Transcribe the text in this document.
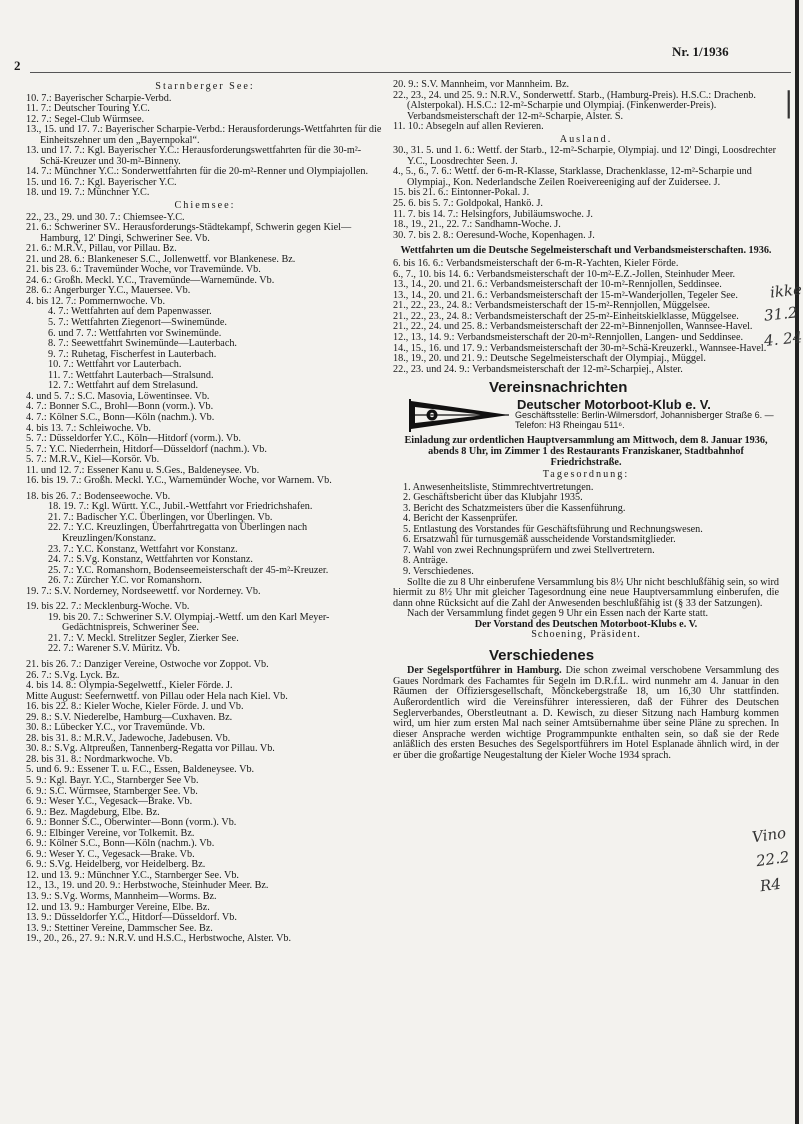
2
Nr. 1/1936
|
ikke
31.2
4. 24
Vino
22.2
R4

Starnberger See:

10. 7.: Bayerischer Scharpie-Verbd.

11. 7.: Deutscher Touring Y.C.

12. 7.: Segel-Club Würmsee.

13., 15. und 17. 7.: Bayerischer Scharpie-Verbd.: Herausforderungs-Wettfahrten für die Einheitszehner um den „Bayernpokal“.

13. und 17. 7.: Kgl. Bayerischer Y.C.: Herausforderungswettfahrten für die 30-m²-Schä-Kreuzer und 30-m²-Binneny.

14. 7.: Münchner Y.C.: Sonderwettfahrten für die 20-m²-Renner und Olympiajollen.

15. und 16. 7.: Kgl. Bayerischer Y.C.

18. und 19. 7.: Münchner Y.C.

Chiemsee:

22., 23., 29. und 30. 7.: Chiemsee-Y.C.

21. 6.: Schweriner SV.. Herausforderungs-Städtekampf, Schwerin gegen Kiel—Hamburg, 12' Dingi, Schweriner See. Vb.

21. 6.: M.R.V., Pillau, vor Pillau. Bz.

21. und 28. 6.: Blankeneser S.C., Jollenwettf. vor Blankenese. Bz.

21. bis 23. 6.: Travemünder Woche, vor Travemünde. Vb.

24. 6.: Großh. Meckl. Y.C., Travemünde—Warnemünde. Vb.

28. 6.: Angerburger Y.C., Mauersee. Vb.

4. bis 12. 7.: Pommernwoche. Vb.

4. 7.: Wettfahrten auf dem Papenwasser.

5. 7.: Wettfahrten Ziegenort—Swinemünde.

6. und 7. 7.: Wettfahrten vor Swinemünde.

8. 7.: Seewettfahrt Swinemünde—Lauterbach.

9. 7.: Ruhetag, Fischerfest in Lauterbach.

10. 7.: Wettfahrt vor Lauterbach.

11. 7.: Wettfahrt Lauterbach—Stralsund.

12. 7.: Wettfahrt auf dem Strelasund.

4. und 5. 7.: S.C. Masovia, Löwentinsee. Vb.

4. 7.: Bonner S.C., Brohl—Bonn (vorm.). Vb.

4. 7.: Kölner S.C., Bonn—Köln (nachm.). Vb.

4. bis 13. 7.: Schleiwoche. Vb.

5. 7.: Düsseldorfer Y.C., Köln—Hitdorf (vorm.). Vb.

5. 7.: Y.C. Niederrhein, Hitdorf—Düsseldorf (nachm.). Vb.

5. 7.: M.R.V., Kiel—Korsör. Vb.

11. und 12. 7.: Essener Kanu u. S.Ges., Baldeneysee. Vb.

16. bis 19. 7.: Großh. Meckl. Y.C., Warnemünder Woche, vor Warnem. Vb.

18. bis 26. 7.: Bodenseewoche. Vb.

18. 19. 7.: Kgl. Württ. Y.C., Jubil.-Wettfahrt vor Friedrichshafen.

21. 7.: Badischer Y.C. Überlingen, vor Überlingen. Vb.

22. 7.: Y.C. Kreuzlingen, Überfahrtregatta von Überlingen nach Kreuzlingen/Konstanz.

23. 7.: Y.C. Konstanz, Wettfahrt vor Konstanz.

24. 7.: S.Vg. Konstanz, Wettfahrten vor Konstanz.

25. 7.: Y.C. Romanshorn, Bodenseemeisterschaft der 45-m²-Kreuzer.

26. 7.: Zürcher Y.C. vor Romanshorn.

19. 7.: S.V. Norderney, Nordseewettf. vor Norderney. Vb.

19. bis 22. 7.: Mecklenburg-Woche. Vb.

19. bis 20. 7.: Schweriner S.V. Olympiaj.-Wettf. um den Karl Meyer-Gedächtnispreis, Schweriner See.

21. 7.: V. Meckl. Strelitzer Segler, Zierker See.

22. 7.: Warener S.V. Müritz. Vb.

21. bis 26. 7.: Danziger Vereine, Ostwoche vor Zoppot. Vb.

26. 7.: S.Vg. Lyck. Bz.

4. bis 14. 8.: Olympia-Segelwettf., Kieler Förde. J.

Mitte August: Seefernwettf. von Pillau oder Hela nach Kiel. Vb.

16. bis 22. 8.: Kieler Woche, Kieler Förde. J. und Vb.

29. 8.: S.V. Niederelbe, Hamburg—Cuxhaven. Bz.

30. 8.: Lübecker Y.C., vor Travemünde. Vb.

28. bis 31. 8.: M.R.V., Jadewoche, Jadebusen. Vb.

30. 8.: S.Vg. Altpreußen, Tannenberg-Regatta vor Pillau. Vb.

28. bis 31. 8.: Nordmarkwoche. Vb.

5. und 6. 9.: Essener T. u. F.C., Essen, Baldeneysee. Vb.

5. 9.: Kgl. Bayr. Y.C., Starnberger See Vb.

6. 9.: S.C. Würmsee, Starnberger See. Vb.

6. 9.: Weser Y.C., Vegesack—Brake. Vb.

6. 9.: Bez. Magdeburg, Elbe. Bz.

6. 9.: Bonner S.C., Oberwinter—Bonn (vorm.). Vb.

6. 9.: Elbinger Vereine, vor Tolkemit. Bz.

6. 9.: Kölner S.C., Bonn—Köln (nachm.). Vb.

6. 9.: Weser Y. C., Vegesack—Brake. Vb.

6. 9.: S.Vg. Heidelberg, vor Heidelberg. Bz.

12. und 13. 9.: Münchner Y.C., Starnberger See. Vb.

12., 13., 19. und 20. 9.: Herbstwoche, Steinhuder Meer. Bz.

13. 9.: S.Vg. Worms, Mannheim—Worms. Bz.

12. und 13. 9.: Hamburger Vereine, Elbe. Bz.

13. 9.: Düsseldorfer Y.C., Hitdorf—Düsseldorf. Vb.

13. 9.: Stettiner Vereine, Dammscher See. Bz.

19., 20., 26., 27. 9.: N.R.V. und H.S.C., Herbstwoche, Alster. Vb.

20. 9.: S.V. Mannheim, vor Mannheim. Bz.

22., 23., 24. und 25. 9.: N.R.V., Sonderwettf. Starb., (Hamburg-Preis). H.S.C.: Drachenb. (Alsterpokal). H.S.C.: 12-m²-Scharpie und Olympiaj. (Finkenwerder-Preis). Verbandsmeisterschaft der 12-m²-Scharpie, Alster. S.

11. 10.: Absegeln auf allen Revieren.

Ausland.

30., 31. 5. und 1. 6.: Wettf. der Starb., 12-m²-Scharpie, Olympiaj. und 12' Dingi, Loosdrechter Y.C., Loosdrechter Seen. J.

4., 5., 6., 7. 6.: Wettf. der 6-m-R-Klasse, Starklasse, Drachenklasse, 12-m²-Scharpie und Olympiaj., Kon. Nederlandsche Zeilen Roeivereeniging auf der Zuidersee. J.

15. bis 21. 6.: Eintonner-Pokal. J.

25. 6. bis 5. 7.: Goldpokal, Hankö. J.

11. 7. bis 14. 7.: Helsingfors, Jubiläumswoche. J.

18., 19., 21., 22. 7.: Sandhamn-Woche. J.

30. 7. bis 2. 8.: Oeresund-Woche, Kopenhagen. J.

Wettfahrten um die Deutsche Segelmeisterschaft und Verbandsmeisterschaften. 1936.

6. bis 16. 6.: Verbandsmeisterschaft der 6-m-R-Yachten, Kieler Förde.

6., 7., 10. bis 14. 6.: Verbandsmeisterschaft der 10-m²-E.Z.-Jollen, Steinhuder Meer.

13., 14., 20. und 21. 6.: Verbandsmeisterschaft der 10-m²-Rennjollen, Seddinsee.

13., 14., 20. und 21. 6.: Verbandsmeisterschaft der 15-m²-Wanderjollen, Tegeler See.

21., 22., 23., 24. 8.: Verbandsmeisterschaft der 15-m²-Rennjollen, Müggelsee.

21., 22., 23., 24. 8.: Verbandsmeisterschaft der 25-m²-Einheitskielklasse, Müggelsee.

21., 22., 24. und 25. 8.: Verbandsmeisterschaft der 22-m²-Binnenjollen, Wannsee-Havel.

12., 13., 14. 9.: Verbandsmeisterschaft der 20-m²-Rennjollen, Langen- und Seddinsee.

14., 15., 16. und 17. 9.: Verbandsmeisterschaft der 30-m²-Schä-Kreuzerkl., Wannsee-Havel.

18., 19., 20. und 21. 9.: Deutsche Segelmeisterschaft der Olympiaj., Müggel.

22., 23. und 24. 9.: Verbandsmeisterschaft der 12-m²-Scharpiej., Alster.

Vereinsnachrichten

Deutscher Motorboot-Klub e. V.

Geschäftsstelle: Berlin-Wilmersdorf, Johannisberger Straße 6. — Telefon: H3 Rheingau 511⁶.

Einladung zur ordentlichen Hauptversammlung am Mittwoch, dem 8. Januar 1936, abends 8 Uhr, im Zimmer 1 des Restaurants Franziskaner, Stadtbahnhof Friedrichstraße.

Tagesordnung:

1. Anwesenheitsliste, Stimmrechtvertretungen.

2. Geschäftsbericht über das Klubjahr 1935.

3. Bericht des Schatzmeisters über die Kassenführung.

4. Bericht der Kassenprüfer.

5. Entlastung des Vorstandes für Geschäftsführung und Rechnungswesen.

6. Ersatzwahl für turnusgemäß ausscheidende Vorstandsmitglieder.

7. Wahl von zwei Rechnungsprüfern und zwei Stellvertretern.

8. Anträge.

9. Verschiedenes.

Sollte die zu 8 Uhr einberufene Versammlung bis 8½ Uhr nicht beschlußfähig sein, so wird hiermit zu 8½ Uhr mit gleicher Tagesordnung eine neue Hauptversammlung einberufen, die dann ohne Rücksicht auf die Zahl der Anwesenden beschlußfähig ist (§ 33 der Satzungen).

Nach der Versammlung findet gegen 9 Uhr ein Essen nach der Karte statt.

Der Vorstand des Deutschen Motorboot-Klubs e. V.

Schoening, Präsident.

Verschiedenes

Der Segelsportführer in Hamburg. Die schon zweimal verschobene Versammlung des Gaues Nordmark des Fachamtes für Segeln im D.R.f.L. wird nunmehr am 4. Januar in den Räumen der Offiziersgesellschaft, Mönckebergstraße 18, um 16,30 Uhr stattfinden. Außerordentlich wird die Vereinsführer interessieren, daß der Führer des Deutschen Seglerverbandes, Oberstleutnant a. D. Kewisch, zu dieser Sitzung nach Hamburg kommen wird, um hier zum ersten Mal nach seiner Amtsübernahme über seine Pläne zu sprechen. In dieser Ansprache werden wichtige Programmpunkte enthalten sein, so daß sie der Rede anläßlich des ersten Besuches des Segelsportführers im Hotel Esplanade ähnlich wird, in der er über die großartige Neugestaltung der Kieler Woche 1934 sprach.
